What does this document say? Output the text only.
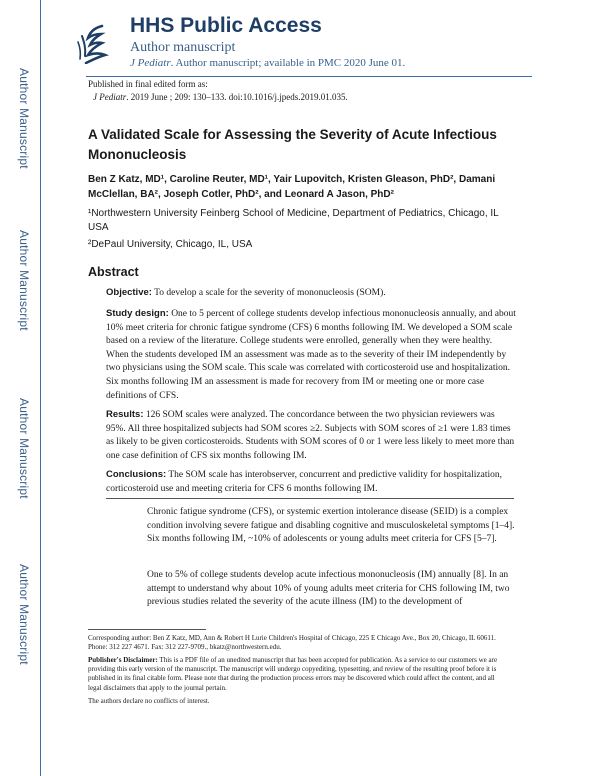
Author Manuscript
Author Manuscript
Author Manuscript
Author Manuscript
HHS Public Access
Author manuscript
J Pediatr. Author manuscript; available in PMC 2020 June 01.
Published in final edited form as:
J Pediatr. 2019 June ; 209: 130–133. doi:10.1016/j.jpeds.2019.01.035.
A Validated Scale for Assessing the Severity of Acute Infectious Mononucleosis
Ben Z Katz, MD¹, Caroline Reuter, MD¹, Yair Lupovitch, Kristen Gleason, PhD², Damani McClellan, BA², Joseph Cotler, PhD², and Leonard A Jason, PhD²
¹Northwestern University Feinberg School of Medicine, Department of Pediatrics, Chicago, IL USA
²DePaul University, Chicago, IL, USA
Abstract
Objective: To develop a scale for the severity of mononucleosis (SOM).
Study design: One to 5 percent of college students develop infectious mononucleosis annually, and about 10% meet criteria for chronic fatigue syndrome (CFS) 6 months following IM. We developed a SOM scale based on a review of the literature. College students were enrolled, generally when they were healthy. When the students developed IM an assessment was made as to the severity of their IM independently by two physicians using the SOM scale. This scale was correlated with corticosteroid use and hospitalization. Six months following IM an assessment is made for recovery from IM or meeting one or more case definitions of CFS.
Results: 126 SOM scales were analyzed. The concordance between the two physician reviewers was 95%. All three hospitalized subjects had SOM scores ≥2. Subjects with SOM scores of ≥1 were 1.83 times as likely to be given corticosteroids. Students with SOM scores of 0 or 1 were less likely to meet more than one case definition of CFS six months following IM.
Conclusions: The SOM scale has interobserver, concurrent and predictive validity for hospitalization, corticosteroid use and meeting criteria for CFS 6 months following IM.
Chronic fatigue syndrome (CFS), or systemic exertion intolerance disease (SEID) is a complex condition involving severe fatigue and disabling cognitive and musculoskeletal symptoms [1–4]. Six months following IM, ~10% of adolescents or young adults meet criteria for CFS [5–7].
One to 5% of college students develop acute infectious mononucleosis (IM) annually [8]. In an attempt to understand why about 10% of young adults meet criteria for CHS following IM, two previous studies related the severity of the acute illness (IM) to the development of
Corresponding author: Ben Z Katz, MD, Ann & Robert H Lurie Children's Hospital of Chicago, 225 E Chicago Ave., Box 20, Chicago, IL 60611. Phone: 312 227 4671. Fax: 312 227-9709., bkatz@northwestern.edu.
Publisher's Disclaimer: This is a PDF file of an unedited manuscript that has been accepted for publication. As a service to our customers we are providing this early version of the manuscript. The manuscript will undergo copyediting, typesetting, and review of the resulting proof before it is published in its final citable form. Please note that during the production process errors may be discovered which could affect the content, and all legal disclaimers that apply to the journal pertain.
The authors declare no conflicts of interest.
